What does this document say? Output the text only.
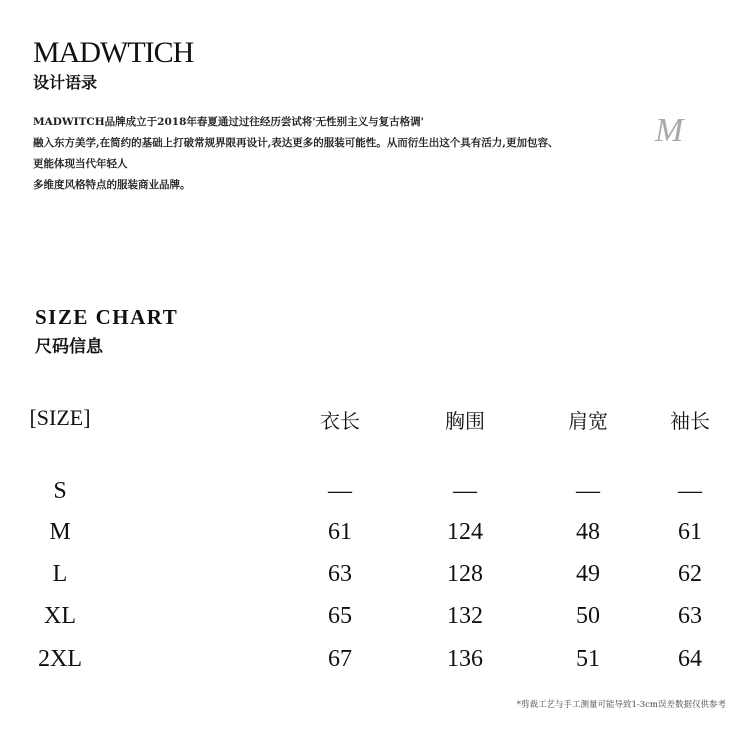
MADWTICH
设计语录
MADWITCH品牌成立于2018年春夏通过过往经历尝试将'无性别主义与复古格调'
融入东方美学,在简约的基础上打破常规界限再设计,表达更多的服装可能性。从而衍生出这个具有活力,更加包容、
更能体现当代年轻人
多维度风格特点的服装商业品牌。
M
SIZE CHART
尺码信息
[SIZE]	衣长	胸围	肩宽	袖长
S	—	—	—	—
M	61	124	48	61
L	63	128	49	62
XL	65	132	50	63
2XL	67	136	51	64
*剪裁工艺与手工测量可能导致1-3cm误差数据仅供参考
